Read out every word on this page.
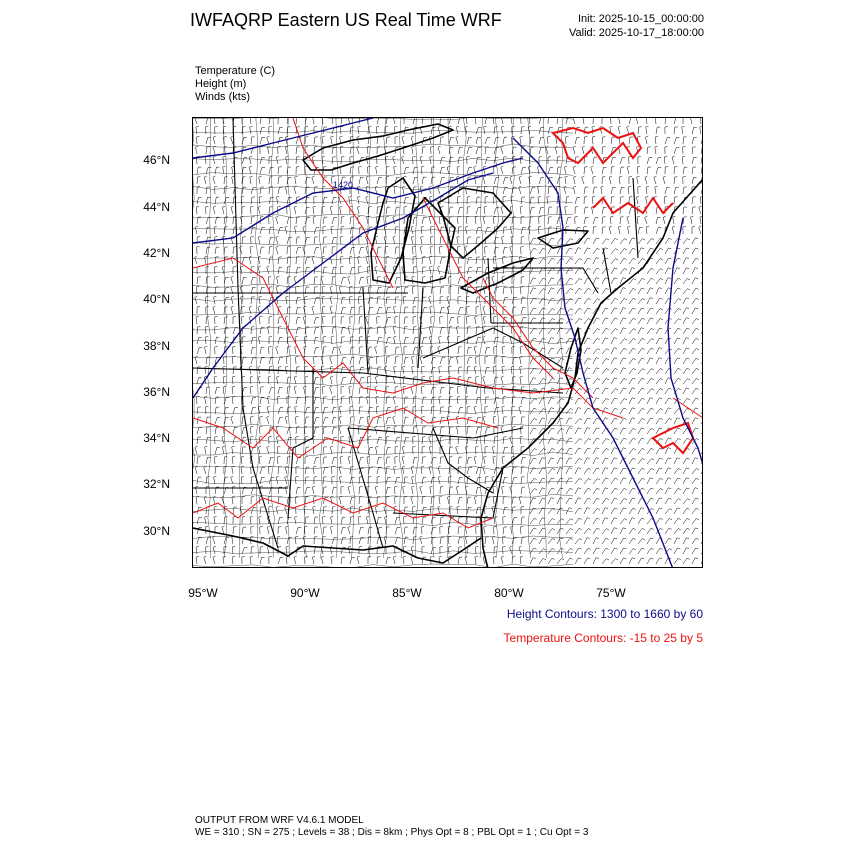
IWFAQRP Eastern US Real Time WRF	Init: 2025-10-15_00:00:00
Valid: 2025-10-17_18:00:00
Temperature (C)
Height (m)
Winds (kts)
1420
46°N
44°N
42°N
40°N
38°N
36°N
34°N
32°N
30°N
95°W	90°W	85°W	80°W	75°W
Height Contours: 1300 to 1660 by 60
Temperature Contours: -15 to 25 by 5
OUTPUT FROM WRF V4.6.1 MODEL
WE = 310 ; SN = 275 ; Levels = 38 ; Dis = 8km ; Phys Opt = 8 ; PBL Opt = 1 ; Cu Opt = 3
